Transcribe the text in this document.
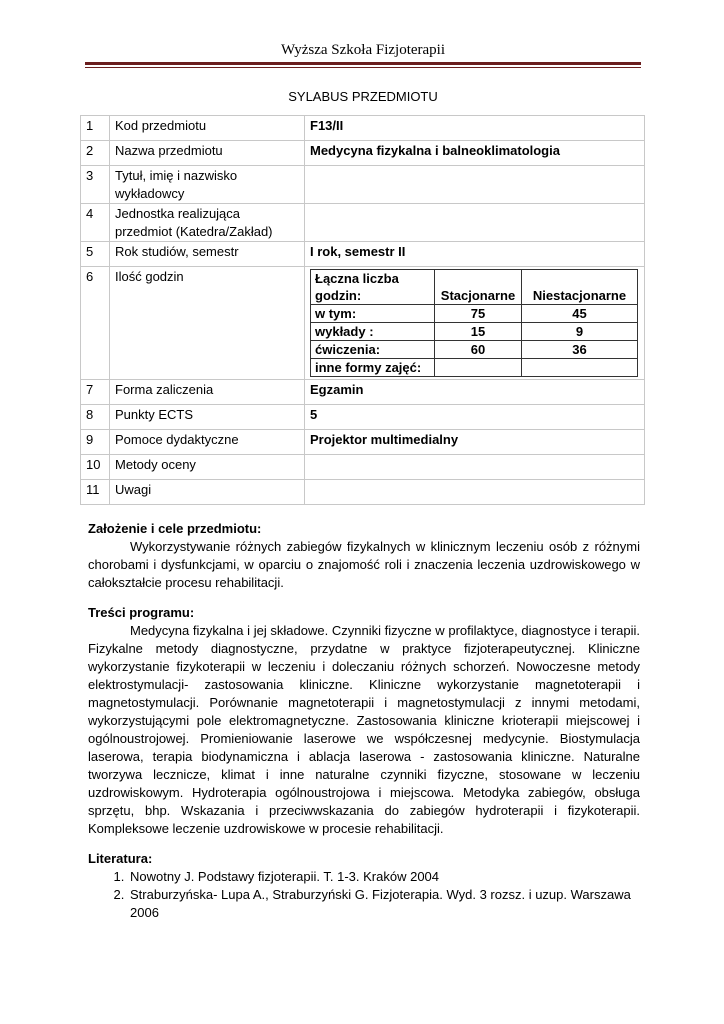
Wyższa Szkoła Fizjoterapii
SYLABUS PRZEDMIOTU
1	Kod przedmiotu	F13/II
2	Nazwa przedmiotu	Medycyna fizykalna i balneoklimatologia
3	Tytuł, imię i nazwisko wykładowcy	
4	Jednostka realizująca przedmiot (Katedra/Zakład)	
5	Rok studiów, semestr	I rok, semestr II
6	Ilość godzin		Łączna liczba godzin:	Stacjonarne	Niestacjonarne
w tym:	75	45
wykłady :	15	9
ćwiczenia:	60	36
inne formy zajęć:		

7	Forma zaliczenia	Egzamin
8	Punkty ECTS	5
9	Pomoce dydaktyczne	Projektor multimedialny
10	Metody oceny	
11	Uwagi	
Założenie i cele przedmiotu:
Wykorzystywanie różnych zabiegów fizykalnych w klinicznym leczeniu osób z różnymi chorobami i dysfunkcjami, w oparciu o znajomość roli i znaczenia leczenia uzdrowiskowego w całokształcie procesu rehabilitacji.
Treści programu:
Medycyna fizykalna i jej składowe. Czynniki fizyczne w profilaktyce, diagnostyce i terapii. Fizykalne metody diagnostyczne, przydatne w praktyce fizjoterapeutycznej. Kliniczne wykorzystanie fizykoterapii w leczeniu i doleczaniu różnych schorzeń. Nowoczesne metody elektrostymulacji- zastosowania kliniczne. Kliniczne wykorzystanie magnetoterapii i magnetostymulacji. Porównanie magnetoterapii i magnetostymulacji z innymi metodami, wykorzystującymi pole elektromagnetyczne. Zastosowania kliniczne krioterapii miejscowej i ogólnoustrojowej. Promieniowanie laserowe we współczesnej medycynie. Biostymulacja laserowa, terapia biodynamiczna i ablacja laserowa - zastosowania kliniczne. Naturalne tworzywa lecznicze, klimat i inne naturalne czynniki fizyczne, stosowane w leczeniu uzdrowiskowym. Hydroterapia ogólnoustrojowa i miejscowa. Metodyka zabiegów, obsługa sprzętu, bhp. Wskazania i przeciwwskazania do zabiegów hydroterapii i fizykoterapii. Kompleksowe leczenie uzdrowiskowe w procesie rehabilitacji.
Literatura:
1. Nowotny J. Podstawy fizjoterapii. T. 1-3. Kraków 2004
2. Straburzyńska- Lupa A., Straburzyński G. Fizjoterapia. Wyd. 3 rozsz. i uzup. Warszawa 2006
